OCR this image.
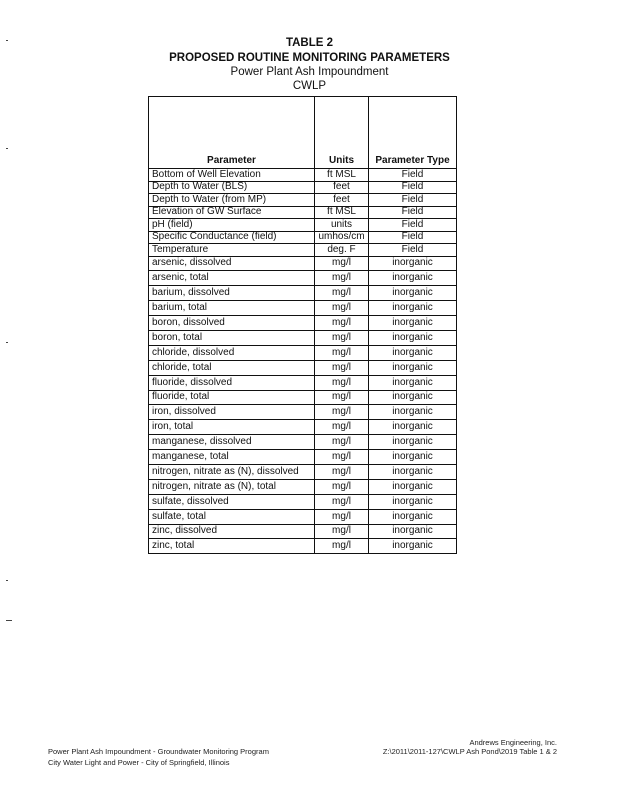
TABLE 2
PROPOSED ROUTINE MONITORING PARAMETERS
Power Plant Ash Impoundment
CWLP
Parameter	Units	Parameter Type
Bottom of Well Elevation	ft MSL	Field
Depth to Water (BLS)	feet	Field
Depth to Water (from MP)	feet	Field
Elevation of GW Surface	ft MSL	Field
pH (field)	units	Field
Specific Conductance (field)	umhos/cm	Field
Temperature	deg. F	Field
arsenic, dissolved	mg/l	inorganic
arsenic, total	mg/l	inorganic
barium, dissolved	mg/l	inorganic
barium, total	mg/l	inorganic
boron, dissolved	mg/l	inorganic
boron, total	mg/l	inorganic
chloride, dissolved	mg/l	inorganic
chloride, total	mg/l	inorganic
fluoride, dissolved	mg/l	inorganic
fluoride, total	mg/l	inorganic
iron, dissolved	mg/l	inorganic
iron, total	mg/l	inorganic
manganese, dissolved	mg/l	inorganic
manganese, total	mg/l	inorganic
nitrogen, nitrate as (N), dissolved	mg/l	inorganic
nitrogen, nitrate as (N), total	mg/l	inorganic
sulfate, dissolved	mg/l	inorganic
sulfate, total	mg/l	inorganic
zinc, dissolved	mg/l	inorganic
zinc, total	mg/l	inorganic
Power Plant Ash Impoundment - Groundwater Monitoring Program
City Water Light and Power - City of Springfield, Illinois
Andrews Engineering, Inc.
Z:\2011\2011-127\CWLP Ash Pond\2019 Table 1 & 2
